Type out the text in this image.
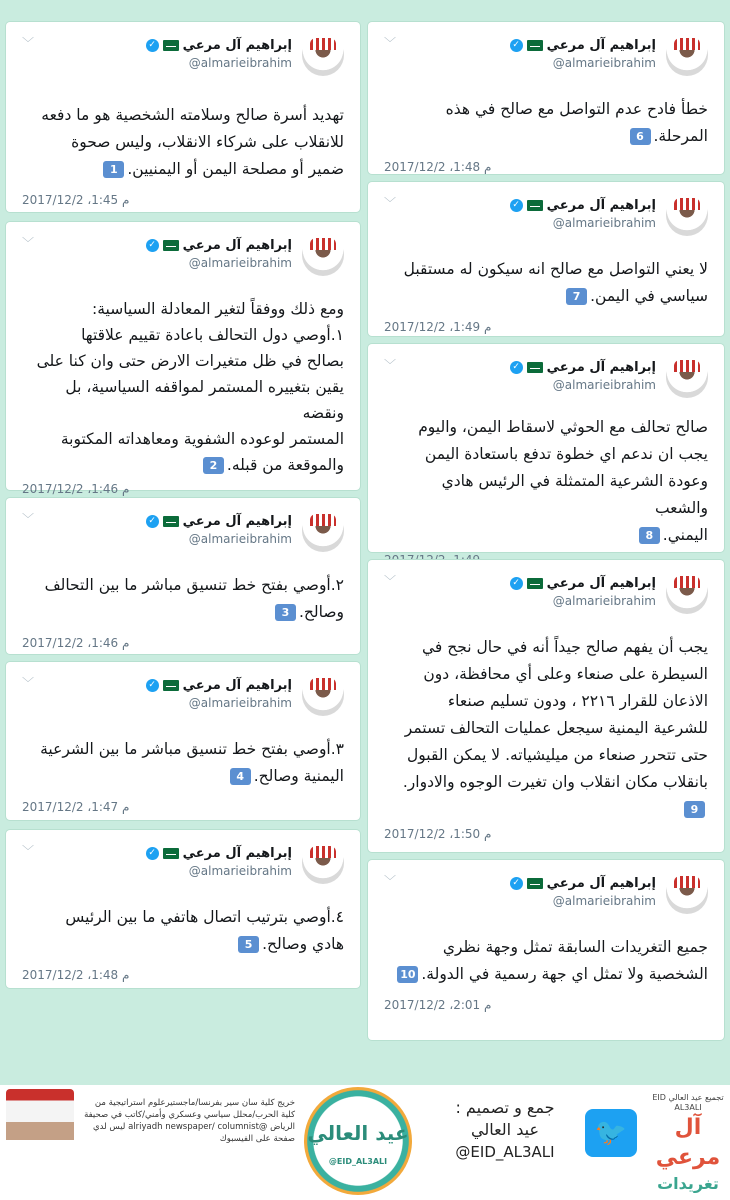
إبراهيم آل مرعي
✓
@almarieibrahim
﹀
تهديد أسرة صالح وسلامته الشخصية هو ما دفعه
للانقلاب على شركاء الانقلاب، وليس صحوة
ضمير أو مصلحة اليمن أو اليمنيين.1
2017/12/2 ،1:45 م
إبراهيم آل مرعي
✓
@almarieibrahim
﹀
ومع ذلك ووفقاً لتغير المعادلة السياسية:
١.أوصي دول التحالف باعادة تقييم علاقتها
بصالح في ظل متغيرات الارض حتى وان كنا على
يقين بتغييره المستمر لمواقفه السياسية، بل ونقضه
المستمر لوعوده الشفوية ومعاهداته المكتوبة
والموقعة من قبله.2
2017/12/2 ،1:46 م
إبراهيم آل مرعي
✓
@almarieibrahim
﹀
٢.أوصي بفتح خط تنسيق مباشر ما بين التحالف
وصالح.3
2017/12/2 ،1:46 م
إبراهيم آل مرعي
✓
@almarieibrahim
﹀
٣.أوصي بفتح خط تنسيق مباشر ما بين الشرعية
اليمنية وصالح.4
2017/12/2 ،1:47 م
إبراهيم آل مرعي
✓
@almarieibrahim
﹀
٤.أوصي بترتيب اتصال هاتفي ما بين الرئيس
هادي وصالح.5
2017/12/2 ،1:48 م
إبراهيم آل مرعي
✓
@almarieibrahim
﹀
خطأ فادح عدم التواصل مع صالح في هذه
المرحلة.6
2017/12/2 ،1:48 م
إبراهيم آل مرعي
✓
@almarieibrahim
﹀
لا يعني التواصل مع صالح انه سيكون له مستقبل
سياسي في اليمن.7
2017/12/2 ،1:49 م
إبراهيم آل مرعي
✓
@almarieibrahim
﹀
صالح تحالف مع الحوثي لاسقاط اليمن، واليوم
يجب ان ندعم اي خطوة تدفع باستعادة اليمن
وعودة الشرعية المتمثلة في الرئيس هادي والشعب
اليمني.8
إبراهيم آل مرعي
✓
@almarieibrahim
﹀
يجب أن يفهم صالح جيداً أنه في حال نجح في
السيطرة على صنعاء وعلى أي محافظة، دون
الاذعان للقرار ٢٢١٦ ، ودون تسليم صنعاء
للشرعية اليمنية سيجعل عمليات التحالف تستمر
حتى تتحرر صنعاء من ميليشياته. لا يمكن القبول
بانقلاب مكان انقلاب وان تغيرت الوجوه والادوار.
9
2017/12/2 ،1:50 م
إبراهيم آل مرعي
✓
@almarieibrahim
﹀
جميع التغريدات السابقة تمثل وجهة نظري
الشخصية ولا تمثل اي جهة رسمية في الدولة.10
2017/12/2 ،2:01 م
خريج كلية سان سير بفرنسا/ماجستيرعلوم استراتيجية من
كلية الحرب/محلل سياسي وعسكري وأمني/كاتب في صحيفة
الرياض @alriyadh newspaper/ columnist ليس لدي
صفحة على الفيسبوك	عيد العالي
@EID_AL3ALI
جمع و تصميم :
عيد العالي
@EID_AL3ALI
🐦
تجميع عيد العالي EID AL3ALI
آل مرعي
تغريدات
